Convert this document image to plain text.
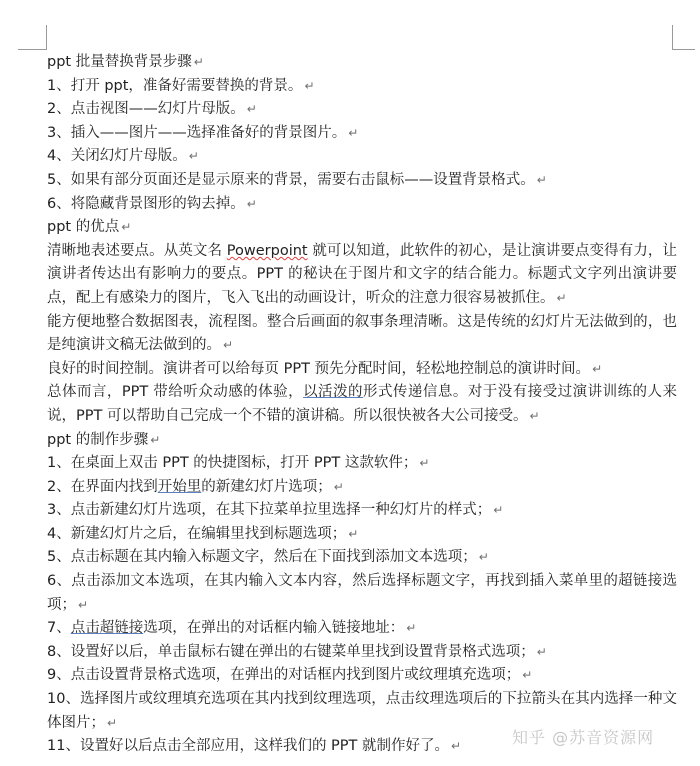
ppt 批量替换背景步骤 ↵

1、打开 ppt，准备好需要替换的背景。 ↵

2、点击视图——幻灯片母版。 ↵

3、插入——图片——选择准备好的背景图片。 ↵

4、关闭幻灯片母版。 ↵

5、如果有部分页面还是显示原来的背景，需要右击鼠标——设置背景格式。 ↵

6、将隐藏背景图形的钩去掉。 ↵

ppt 的优点 ↵

清晰地表述要点。从英文名 Powerpoint 就可以知道，此软件的初心，是让演讲要点变得有力，让演讲者传达出有影响力的要点。PPT 的秘诀在于图片和文字的结合能力。标题式文字列出演讲要点，配上有感染力的图片，飞入飞出的动画设计，听众的注意力很容易被抓住。 ↵

能方便地整合数据图表，流程图。整合后画面的叙事条理清晰。这是传统的幻灯片无法做到的，也是纯演讲文稿无法做到的。 ↵

良好的时间控制。演讲者可以给每页 PPT 预先分配时间，轻松地控制总的演讲时间。 ↵

总体而言，PPT 带给听众动感的体验，以活泼的形式传递信息。对于没有接受过演讲训练的人来说，PPT 可以帮助自己完成一个不错的演讲稿。所以很快被各大公司接受。 ↵

ppt 的制作步骤 ↵

1、在桌面上双击 PPT 的快捷图标，打开 PPT 这款软件； ↵

2、在界面内找到开始里的新建幻灯片选项； ↵

3、点击新建幻灯片选项，在其下拉菜单拉里选择一种幻灯片的样式； ↵

4、新建幻灯片之后，在编辑里找到标题选项； ↵

5、点击标题在其内输入标题文字，然后在下面找到添加文本选项； ↵

6、点击添加文本选项，在其内输入文本内容，然后选择标题文字，再找到插入菜单里的超链接选项； ↵

7、点击超链接选项，在弹出的对话框内输入链接地址： ↵

8、设置好以后，单击鼠标右键在弹出的右键菜单里找到设置背景格式选项； ↵

9、点击设置背景格式选项，在弹出的对话框内找到图片或纹理填充选项； ↵

10、选择图片或纹理填充选项在其内找到纹理选项，点击纹理选项后的下拉箭头在其内选择一种文体图片； ↵

11、设置好以后点击全部应用，这样我们的 PPT 就制作好了。 ↵	知乎 @苏音资源网
